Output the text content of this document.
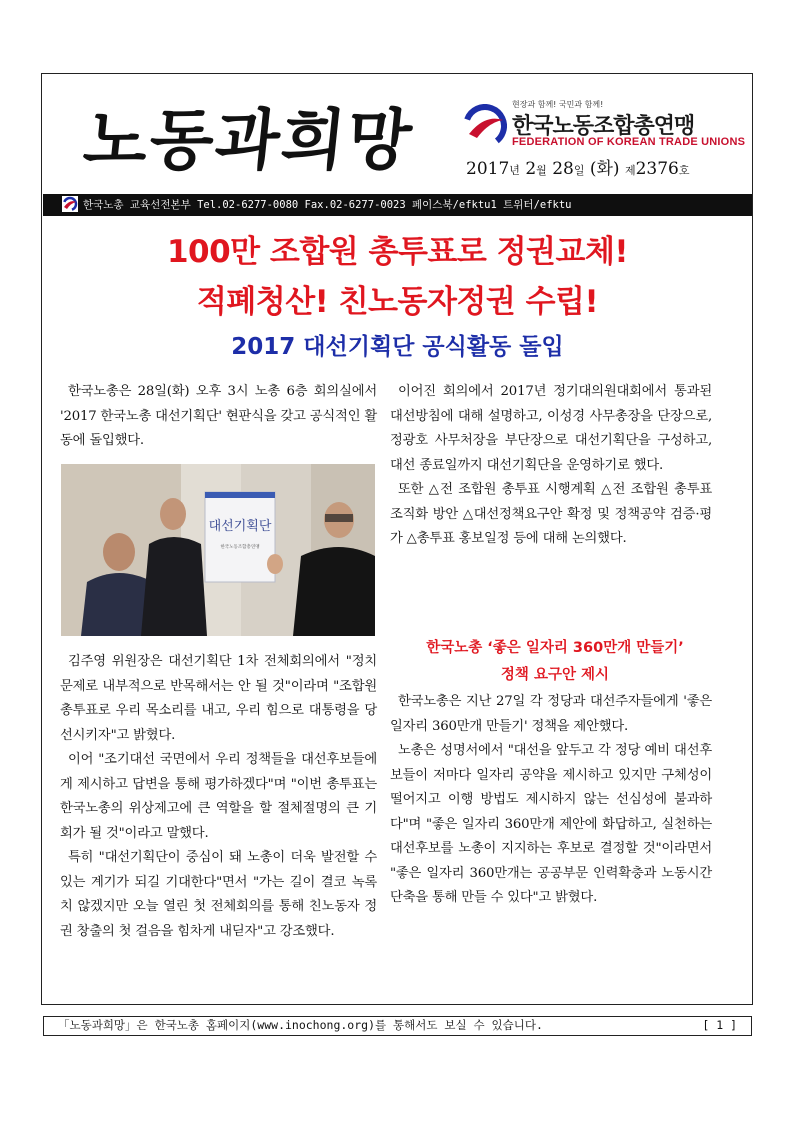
노동과희망	현장과 함께! 국민과 함께!
한국노동조합총연맹
FEDERATION OF KOREAN TRADE UNIONS
2017년 2월 28일 (화) 제2376호
한국노총 교육선전본부 Tel.02-6277-0080 Fax.02-6277-0023 페이스북/efktu1 트위터/efktu
100만 조합원 총투표로 정권교체!
적폐청산! 친노동자정권 수립!
2017 대선기획단 공식활동 돌입

한국노총은 28일(화) 오후 3시 노총 6층 회의실에서 '2017 한국노총 대선기획단' 현판식을 갖고 공식적인 활동에 돌입했다.

대선기획단
한국노동조합총연맹

김주영 위원장은 대선기획단 1차 전체회의에서 "정치문제로 내부적으로 반목해서는 안 될 것"이라며 "조합원 총투표로 우리 목소리를 내고, 우리 힘으로 대통령을 당선시키자"고 밝혔다.

이어 "조기대선 국면에서 우리 정책들을 대선후보들에게 제시하고 답변을 통해 평가하겠다"며 "이번 총투표는 한국노총의 위상제고에 큰 역할을 할 절체절명의 큰 기회가 될 것"이라고 말했다.

특히 "대선기획단이 중심이 돼 노총이 더욱 발전할 수 있는 계기가 되길 기대한다"면서 "가는 길이 결코 녹록치 않겠지만 오늘 열린 첫 전체회의를 통해 친노동자 정권 창출의 첫 걸음을 힘차게 내딛자"고 강조했다.

이어진 회의에서 2017년 정기대의원대회에서 통과된 대선방침에 대해 설명하고, 이성경 사무총장을 단장으로, 정광호 사무처장을 부단장으로 대선기획단을 구성하고, 대선 종료일까지 대선기획단을 운영하기로 했다.

또한 △전 조합원 총투표 시행계획 △전 조합원 총투표 조직화 방안 △대선정책요구안 확정 및 정책공약 검증·평가 △총투표 홍보일정 등에 대해 논의했다.

한국노총 ‘좋은 일자리 360만개 만들기’
정책 요구안 제시

한국노총은 지난 27일 각 정당과 대선주자들에게 '좋은 일자리 360만개 만들기' 정책을 제안했다.

노총은 성명서에서 "대선을 앞두고 각 정당 예비 대선후보들이 저마다 일자리 공약을 제시하고 있지만 구체성이 떨어지고 이행 방법도 제시하지 않는 선심성에 불과하다"며 "좋은 일자리 360만개 제안에 화답하고, 실천하는 대선후보를 노총이 지지하는 후보로 결정할 것"이라면서 "좋은 일자리 360만개는 공공부문 인력확충과 노동시간 단축을 통해 만들 수 있다"고 밝혔다.

「노동과희망」은 한국노총 홈페이지(www.inochong.org)를 통해서도 보실 수 있습니다.	[ 1 ]
